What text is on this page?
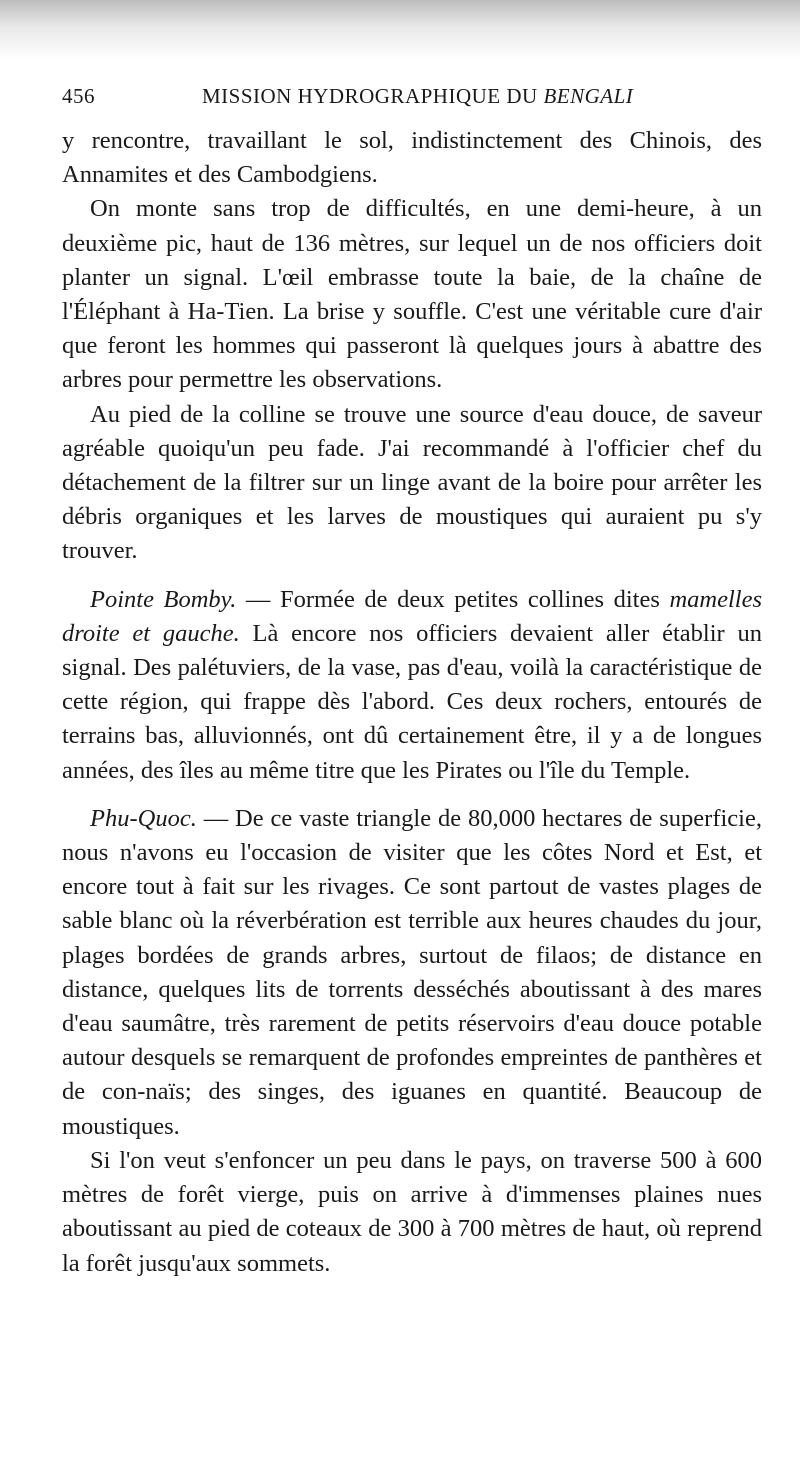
456	MISSION HYDROGRAPHIQUE DU BENGALI

y rencontre, travaillant le sol, indistinctement des Chinois, des Annamites et des Cambodgiens.

On monte sans trop de difficultés, en une demi-heure, à un deuxième pic, haut de 136 mètres, sur lequel un de nos officiers doit planter un signal. L'œil embrasse toute la baie, de la chaîne de l'Éléphant à Ha-Tien. La brise y souffle. C'est une véritable cure d'air que feront les hommes qui passeront là quelques jours à abattre des arbres pour permettre les observations.

Au pied de la colline se trouve une source d'eau douce, de saveur agréable quoiqu'un peu fade. J'ai recommandé à l'officier chef du détachement de la filtrer sur un linge avant de la boire pour arrêter les débris organiques et les larves de moustiques qui auraient pu s'y trouver.

Pointe Bomby. — Formée de deux petites collines dites mamelles droite et gauche. Là encore nos officiers devaient aller établir un signal. Des palétuviers, de la vase, pas d'eau, voilà la caractéristique de cette région, qui frappe dès l'abord. Ces deux rochers, entourés de terrains bas, alluvionnés, ont dû certainement être, il y a de longues années, des îles au même titre que les Pirates ou l'île du Temple.

Phu-Quoc. — De ce vaste triangle de 80,000 hectares de superficie, nous n'avons eu l'occasion de visiter que les côtes Nord et Est, et encore tout à fait sur les rivages. Ce sont partout de vastes plages de sable blanc où la réverbération est terrible aux heures chaudes du jour, plages bordées de grands arbres, surtout de filaos; de distance en distance, quelques lits de torrents desséchés aboutissant à des mares d'eau saumâtre, très rarement de petits réservoirs d'eau douce potable autour desquels se remarquent de profondes empreintes de panthères et de con-naïs; des singes, des iguanes en quantité. Beaucoup de moustiques.

Si l'on veut s'enfoncer un peu dans le pays, on traverse 500 à 600 mètres de forêt vierge, puis on arrive à d'immenses plaines nues aboutissant au pied de coteaux de 300 à 700 mètres de haut, où reprend la forêt jusqu'aux sommets.
